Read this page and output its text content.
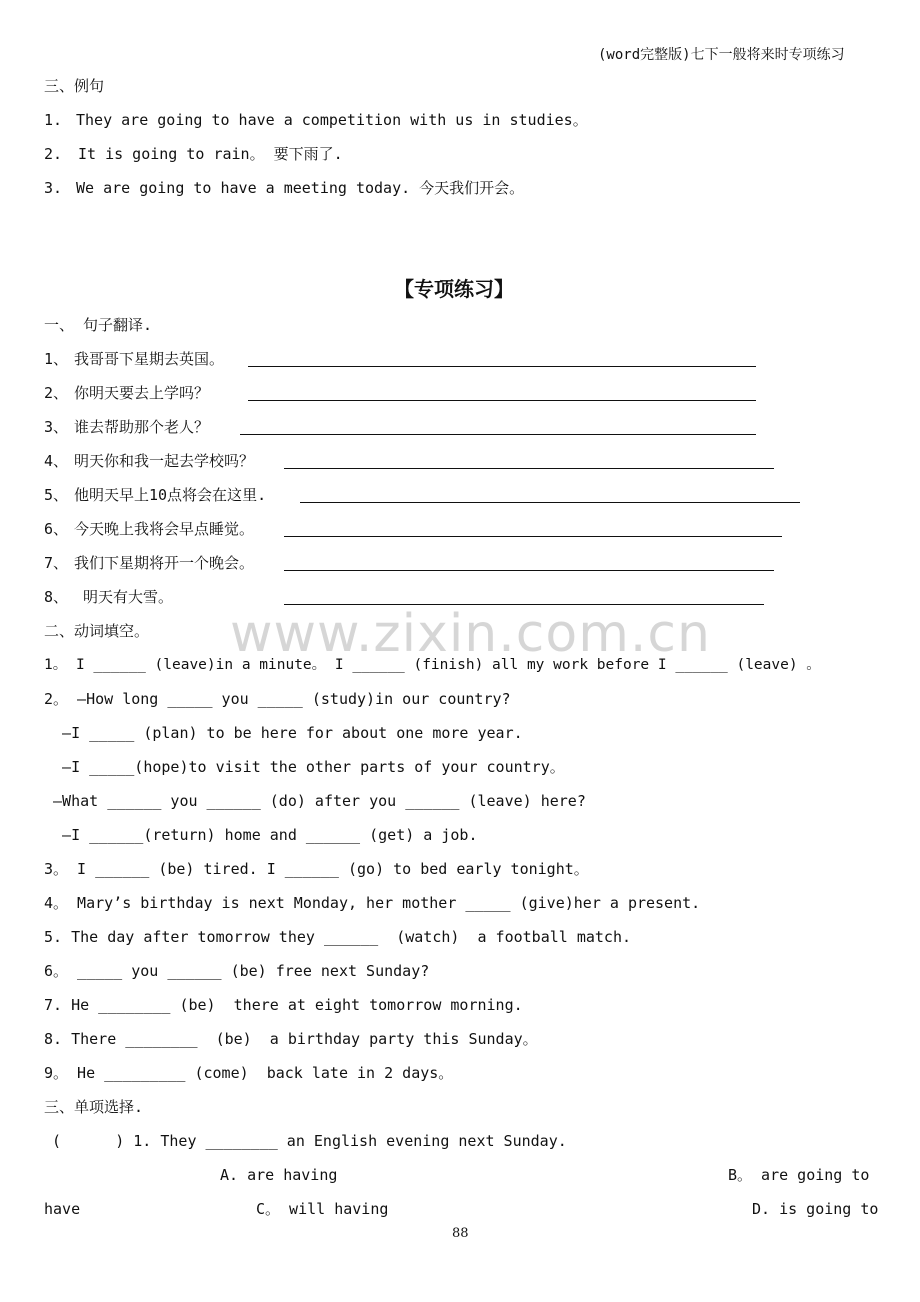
(word完整版)七下一般将来时专项练习
三、例句
1. They are going to have a competition with us in studies。
2. It is going to rain。 要下雨了.
3. We are going to have a meeting today. 今天我们开会。
【专项练习】
一、 句子翻译.
1、 我哥哥下星期去英国。
2、 你明天要去上学吗？
3、 谁去帮助那个老人？
4、 明天你和我一起去学校吗？
5、 他明天早上10点将会在这里.
6、 今天晚上我将会早点睡觉。
7、 我们下星期将开一个晚会。
8、 明天有大雪。
www.zixin.com.cn
二、动词填空。
1。 I ______ (leave)in a minute。 I ______ (finish) all my work before I ______ (leave) 。
2。 —How long _____ you _____ (study)in our country?
—I _____ (plan) to be here for about one more year.
—I _____(hope)to visit the other parts of your country。
—What ______ you ______ (do) after you ______ (leave) here?
—I ______(return) home and ______ (get) a job.
3。 I ______ (be) tired. I ______ (go) to bed early tonight。
4。 Mary’s birthday is next Monday, her mother _____ (give)her a present.
5. The day after tomorrow they ______  (watch)  a football match.
6。 _____ you ______ (be) free next Sunday?
7. He ________ (be)  there at eight tomorrow morning.
8. There ________  (be)  a birthday party this Sunday。
9。 He _________ (come)  back late in 2 days。
三、单项选择.
(      ) 1. They ________ an English evening next Sunday.
A. are having	B。 are going to
have	C。 will having	D. is going to
88
